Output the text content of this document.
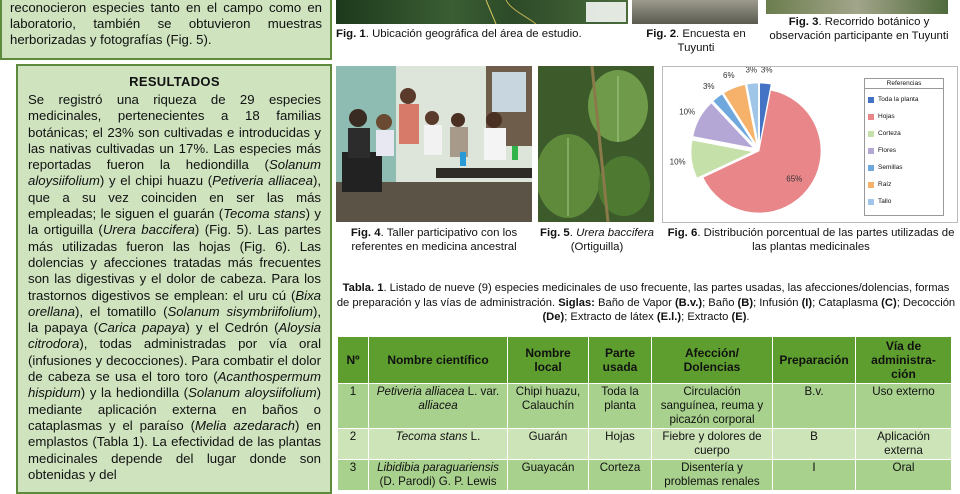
reconocieron especies tanto en el campo como en laboratorio, también se obtuvieron muestras herborizadas y fotografías (Fig. 5).

RESULTADOS

Se registró una riqueza de 29 especies medicinales, pertenecientes a 18 familias botánicas; el 23% son cultivadas e introducidas y las nativas cultivadas un 17%. Las especies más reportadas fueron la hediondilla (Solanum aloysiifolium) y el chipi huazu (Petiveria alliacea), que a su vez coinciden en ser las más empleadas; le siguen el guarán (Tecoma stans) y la ortiguilla (Urera baccifera) (Fig. 5). Las partes más utilizadas fueron las hojas (Fig. 6). Las dolencias y afecciones tratadas más frecuentes son las digestivas y el dolor de cabeza. Para los trastornos digestivos se emplean: el uru cú (Bixa orellana), el tomatillo (Solanum sisymbriifolium), la papaya (Carica papaya) y el Cedrón (Aloysia citrodora), todas administradas por vía oral (infusiones y decocciones). Para combatir el dolor de cabeza se usa el toro toro (Acanthospermum hispidum) y la hediondilla (Solanum aloysiifolium) mediante aplicación externa en baños o cataplasmas y el paraíso (Melia azedarach) en emplastos (Tabla 1). La efectividad de las plantas medicinales depende del lugar donde son obtenidas y del

Fig. 1. Ubicación geográfica del área de estudio.	Fig. 2. Encuesta en Tuyunti
Fig. 3. Recorrido botánico y observación participante en Tuyunti
Fig. 4. Taller participativo con los referentes en medicina ancestral
Fig. 5. Urera baccifera (Ortiguilla)
3%
65%
10%
10%
3%
6%
3%
Referencias
Toda la planta
Hojas
Corteza
Flores
Semillas
Raíz
Tallo
Fig. 6. Distribución porcentual de las partes utilizadas de las plantas medicinales
Tabla. 1. Listado de nueve (9) especies medicinales de uso frecuente, las partes usadas, las afecciones/dolencias, formas de preparación y las vías de administración. Siglas: Baño de Vapor (B.v.); Baño (B); Infusión (I); Cataplasma (C); Decocción (De); Extracto de látex (E.l.); Extracto (E).
Nº	Nombre científico	Nombre local	Parte usada	Afección/ Dolencias	Preparación	Vía de administra-ción
1	Petiveria alliacea L. var. alliacea	Chipi huazu, Calauchín	Toda la planta	Circulación sanguínea, reuma y picazón corporal	B.v.	Uso externo
2	Tecoma stans L.	Guarán	Hojas	Fiebre y dolores de cuerpo	B	Aplicación externa
3	Libidibia paraguariensis (D. Parodi) G. P. Lewis	Guayacán	Corteza	Disentería y problemas renales	I	Oral
